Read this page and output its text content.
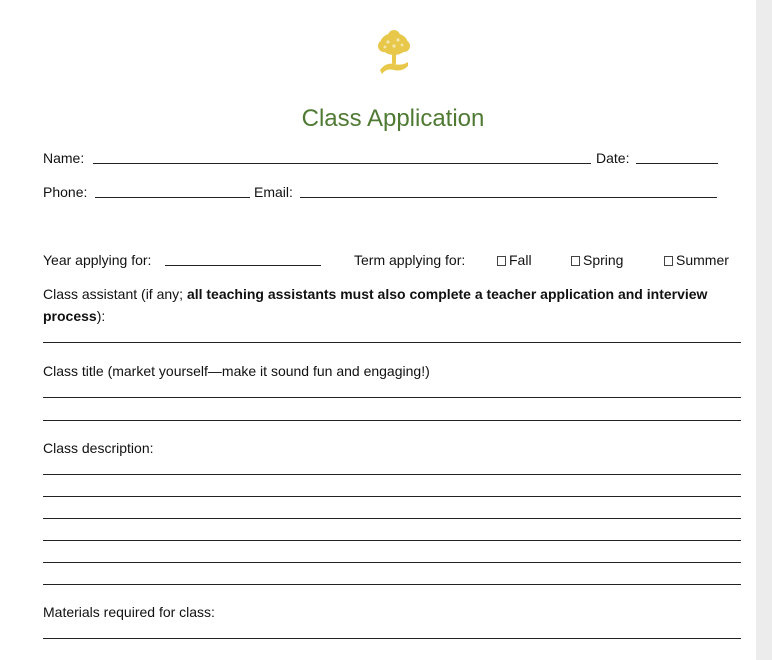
Class Application
Name:	Date:
Phone:	Email:
Year applying for:	Term applying for:	Fall	Spring	Summer
Class assistant (if any; all teaching assistants must also complete a teacher application and interview
process):
Class title (market yourself—make it sound fun and engaging!)
Class description:
Materials required for class:
